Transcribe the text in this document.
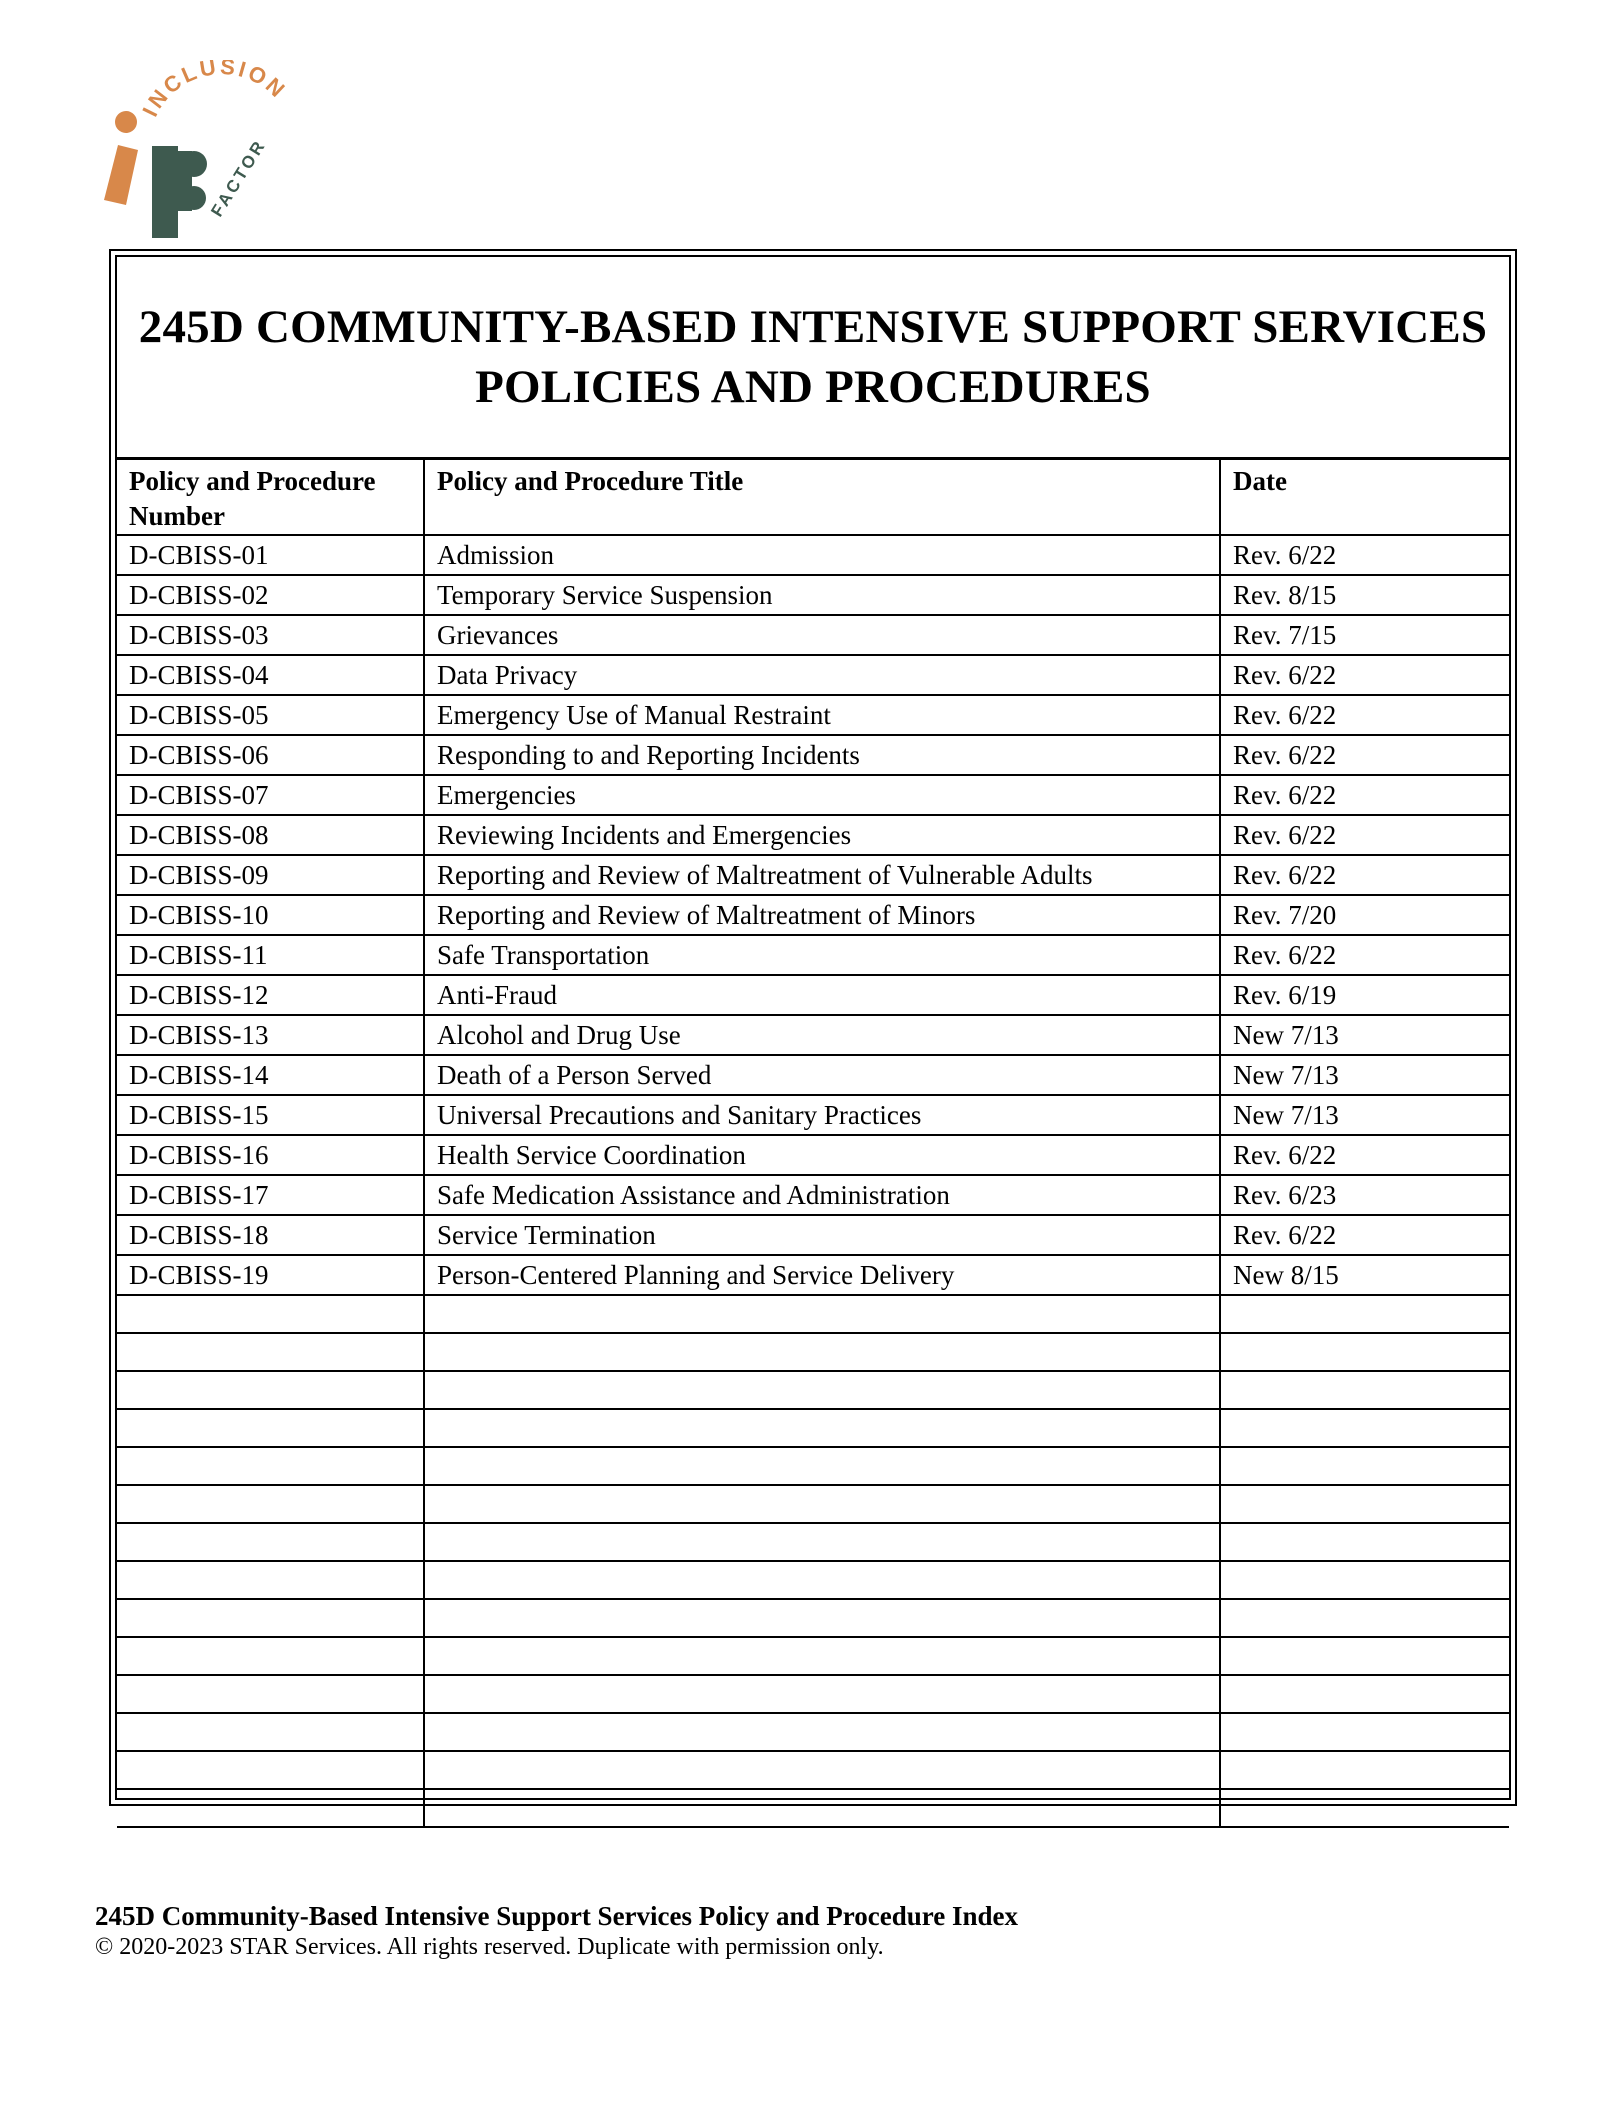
INCLUSION
FACTOR
245D COMMUNITY-BASED INTENSIVE SUPPORT SERVICES
POLICIES AND PROCEDURES
Policy and Procedure Number	Policy and Procedure Title	Date
D-CBISS-01	Admission	Rev. 6/22
D-CBISS-02	Temporary Service Suspension	Rev. 8/15
D-CBISS-03	Grievances	Rev. 7/15
D-CBISS-04	Data Privacy	Rev. 6/22
D-CBISS-05	Emergency Use of Manual Restraint	Rev. 6/22
D-CBISS-06	Responding to and Reporting Incidents	Rev. 6/22
D-CBISS-07	Emergencies	Rev. 6/22
D-CBISS-08	Reviewing Incidents and Emergencies	Rev. 6/22
D-CBISS-09	Reporting and Review of Maltreatment of Vulnerable Adults	Rev. 6/22
D-CBISS-10	Reporting and Review of Maltreatment of Minors	Rev. 7/20
D-CBISS-11	Safe Transportation	Rev. 6/22
D-CBISS-12	Anti-Fraud	Rev. 6/19
D-CBISS-13	Alcohol and Drug Use	New 7/13
D-CBISS-14	Death of a Person Served	New 7/13
D-CBISS-15	Universal Precautions and Sanitary Practices	New 7/13
D-CBISS-16	Health Service Coordination	Rev. 6/22
D-CBISS-17	Safe Medication Assistance and Administration	Rev. 6/23
D-CBISS-18	Service Termination	Rev. 6/22
D-CBISS-19	Person-Centered Planning and Service Delivery	New 8/15

245D Community-Based Intensive Support Services Policy and Procedure Index
© 2020-2023 STAR Services. All rights reserved. Duplicate with permission only.
